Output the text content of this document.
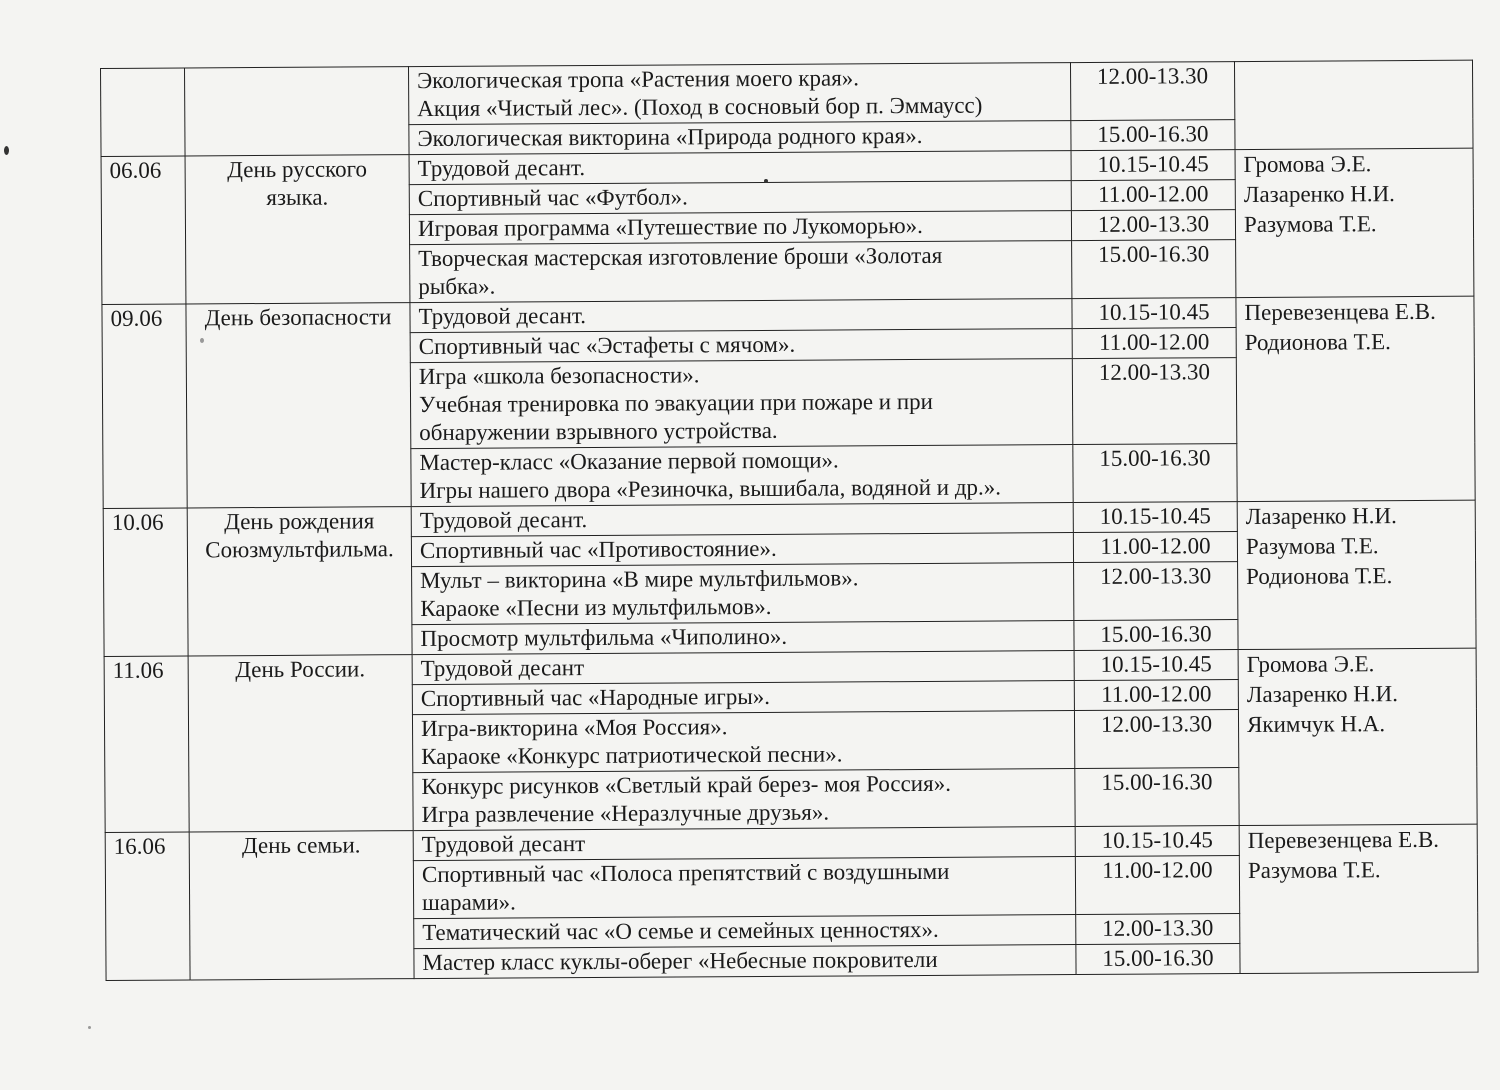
		Экологическая тропа «Растения моего края».
Акция «Чистый лес». (Поход в сосновый бор п. Эммаусс)	12.00-13.30	

		Экологическая викторина «Природа родного края».	15.00-16.30	
06.06	День русского языка.	Трудовой десант.	10.15-10.45	Громова Э.Е.
Лазаренко Н.И.
Разумова Т.Е.

		Спортивный час «Футбол».	11.00-12.00	

		Игровая программа «Путешествие по Лукоморью».	12.00-13.30	

		Творческая мастерская изготовление броши «Золотая
рыбка».	15.00-16.30	
09.06	День безопасности	Трудовой десант.	10.15-10.45	Перевезенцева Е.В.
Родионова Т.Е.

		Спортивный час «Эстафеты с мячом».	11.00-12.00	

		Игра «школа безопасности».
Учебная тренировка по эвакуации при пожаре и при
обнаружении взрывного устройства.	12.00-13.30	

		Мастер-класс «Оказание первой помощи».
Игры нашего двора «Резиночка, вышибала, водяной и др.».	15.00-16.30	
10.06	День рождения Союзмультфильма.	Трудовой десант.	10.15-10.45	Лазаренко Н.И.
Разумова Т.Е.
Родионова Т.Е.

		Спортивный час «Противостояние».	11.00-12.00	

		Мульт – викторина «В мире мультфильмов».
Караоке «Песни из мультфильмов».	12.00-13.30	

		Просмотр мультфильма «Чиполино».	15.00-16.30	
11.06	День России.	Трудовой десант	10.15-10.45	Громова Э.Е.
Лазаренко Н.И.
Якимчук Н.А.

		Спортивный час «Народные игры».	11.00-12.00	

		Игра-викторина «Моя Россия».
Караоке «Конкурс патриотической песни».	12.00-13.30	

		Конкурс рисунков «Светлый край берез- моя Россия».
Игра развлечение «Неразлучные друзья».	15.00-16.30	
16.06	День семьи.	Трудовой десант	10.15-10.45	Перевезенцева Е.В.
Разумова Т.Е.

		Спортивный час «Полоса препятствий с воздушными
шарами».	11.00-12.00	

		Тематический час «О семье и семейных ценностях».	12.00-13.30	

		Мастер класс куклы-оберег «Небесные покровители	15.00-16.30	
